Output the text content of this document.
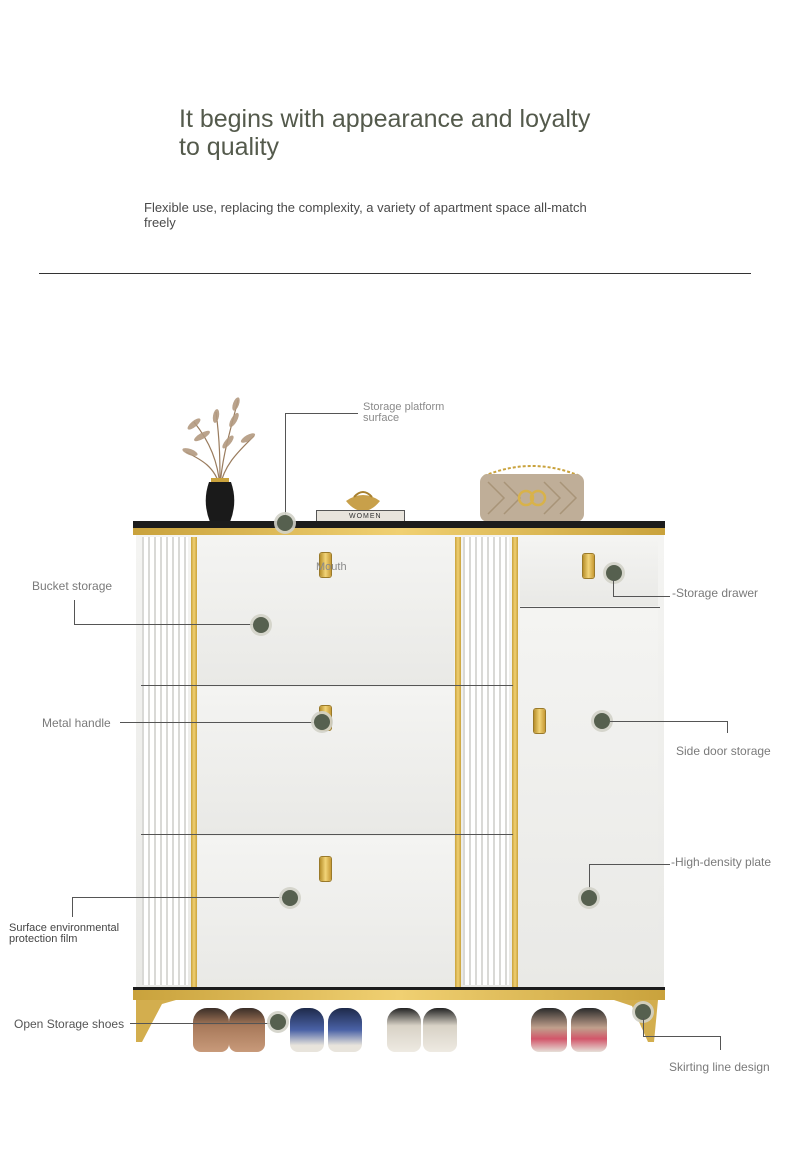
It begins with appearance and loyalty
to quality
Flexible use, replacing the complexity, a variety of apartment space all-match
freely
WOMEN
Storage platform
surface
Bucket storage
Mouth
-Storage drawer
Metal handle
Side door storage
-High-density plate
Surface environmental
protection film
Open Storage shoes
Skirting line design
